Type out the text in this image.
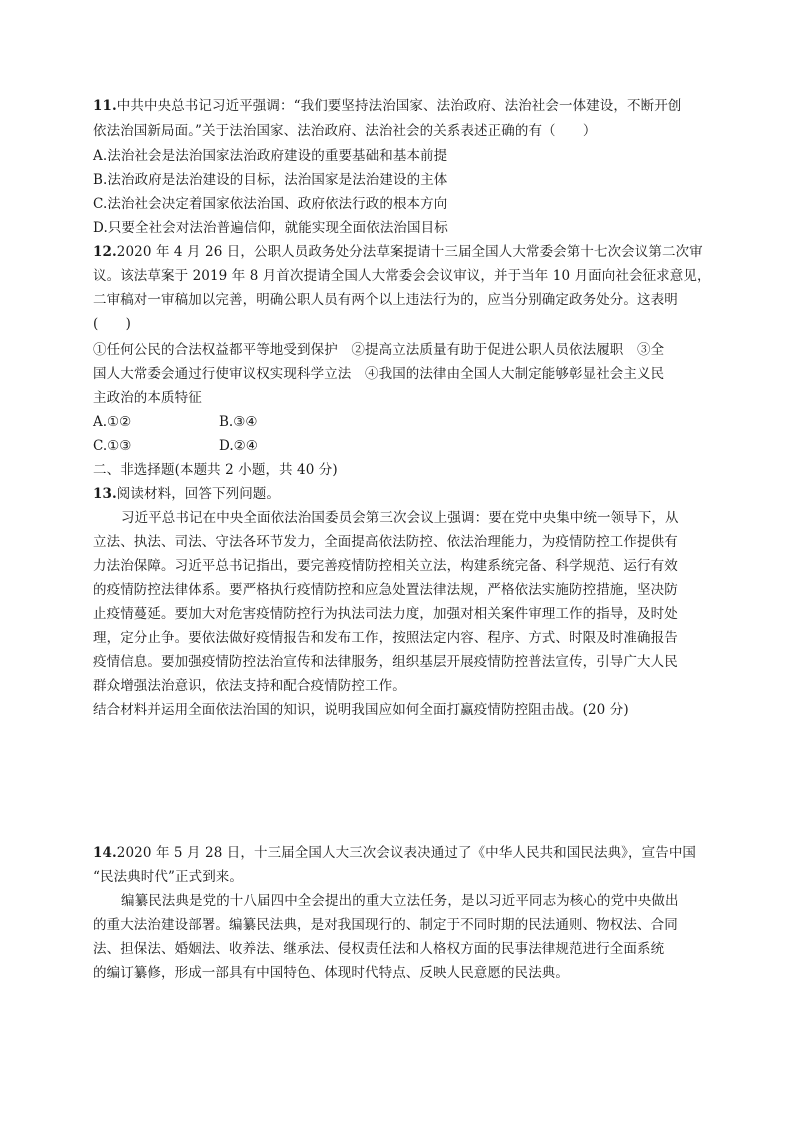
11.中共中央总书记习近平强调：“我们要坚持法治国家、法治政府、法治社会一体建设，不断开创
依法治国新局面。”关于法治国家、法治政府、法治社会的关系表述正确的有（　　）
A.法治社会是法治国家法治政府建设的重要基础和基本前提
B.法治政府是法治建设的目标，法治国家是法治建设的主体
C.法治社会决定着国家依法治国、政府依法行政的根本方向
D.只要全社会对法治普遍信仰，就能实现全面依法治国目标
12.2020 年 4 月 26 日，公职人员政务处分法草案提请十三届全国人大常委会第十七次会议第二次审
议。该法草案于 2019 年 8 月首次提请全国人大常委会会议审议，并于当年 10 月面向社会征求意见，
二审稿对一审稿加以完善，明确公职人员有两个以上违法行为的，应当分别确定政务处分。这表明
(　　)
①任何公民的合法权益都平等地受到保护　②提高立法质量有助于促进公职人员依法履职　③全
国人大常委会通过行使审议权实现科学立法　④我国的法律由全国人大制定能够彰显社会主义民
主政治的本质特征
A.①②	B.③④
C.①③	D.②④
二、非选择题(本题共 2 小题，共 40 分)
13.阅读材料，回答下列问题。
习近平总书记在中央全面依法治国委员会第三次会议上强调：要在党中央集中统一领导下，从
立法、执法、司法、守法各环节发力，全面提高依法防控、依法治理能力，为疫情防控工作提供有
力法治保障。习近平总书记指出，要完善疫情防控相关立法，构建系统完备、科学规范、运行有效
的疫情防控法律体系。要严格执行疫情防控和应急处置法律法规，严格依法实施防控措施，坚决防
止疫情蔓延。要加大对危害疫情防控行为执法司法力度，加强对相关案件审理工作的指导，及时处
理，定分止争。要依法做好疫情报告和发布工作，按照法定内容、程序、方式、时限及时准确报告
疫情信息。要加强疫情防控法治宣传和法律服务，组织基层开展疫情防控普法宣传，引导广大人民
群众增强法治意识，依法支持和配合疫情防控工作。
结合材料并运用全面依法治国的知识，说明我国应如何全面打赢疫情防控阻击战。(20 分)
14.2020 年 5 月 28 日，十三届全国人大三次会议表决通过了《中华人民共和国民法典》，宣告中国
“民法典时代”正式到来。
编纂民法典是党的十八届四中全会提出的重大立法任务，是以习近平同志为核心的党中央做出
的重大法治建设部署。编纂民法典，是对我国现行的、制定于不同时期的民法通则、物权法、合同
法、担保法、婚姻法、收养法、继承法、侵权责任法和人格权方面的民事法律规范进行全面系统
的编订纂修，形成一部具有中国特色、体现时代特点、反映人民意愿的民法典。
